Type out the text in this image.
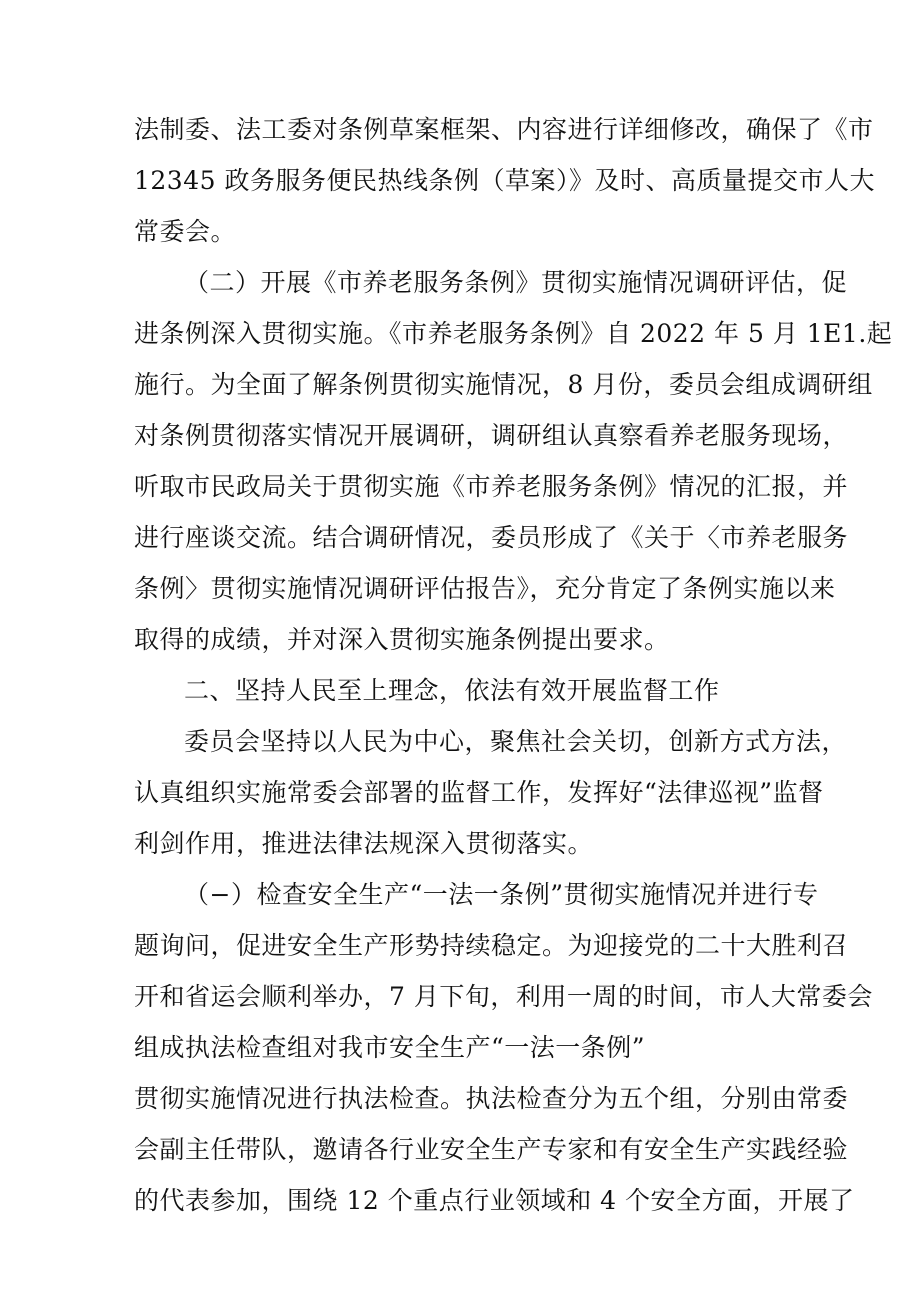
法制委、法工委对条例草案框架、内容进行详细修改，确保了《市
12345 政务服务便民热线条例（草案）》及时、高质量提交市人大
常委会。
（二）开展《市养老服务条例》贯彻实施情况调研评估，促
进条例深入贯彻实施。《市养老服务条例》自 2022 年 5 月 1E1.起
施行。为全面了解条例贯彻实施情况，8 月份，委员会组成调研组
对条例贯彻落实情况开展调研，调研组认真察看养老服务现场，
听取市民政局关于贯彻实施《市养老服务条例》情况的汇报，并
进行座谈交流。结合调研情况，委员形成了《关于〈市养老服务
条例〉贯彻实施情况调研评估报告》，充分肯定了条例实施以来
取得的成绩，并对深入贯彻实施条例提出要求。
二、坚持人民至上理念，依法有效开展监督工作
委员会坚持以人民为中心，聚焦社会关切，创新方式方法，
认真组织实施常委会部署的监督工作，发挥好“法律巡视”监督
利剑作用，推进法律法规深入贯彻落实。
（−）检查安全生产“一法一条例”贯彻实施情况并进行专
题询问，促进安全生产形势持续稳定。为迎接党的二十大胜利召
开和省运会顺利举办，7 月下旬，利用一周的时间，市人大常委会
组成执法检查组对我市安全生产“一法一条例”
贯彻实施情况进行执法检查。执法检查分为五个组，分别由常委
会副主任带队，邀请各行业安全生产专家和有安全生产实践经验
的代表参加，围绕 12 个重点行业领域和 4 个安全方面，开展了
